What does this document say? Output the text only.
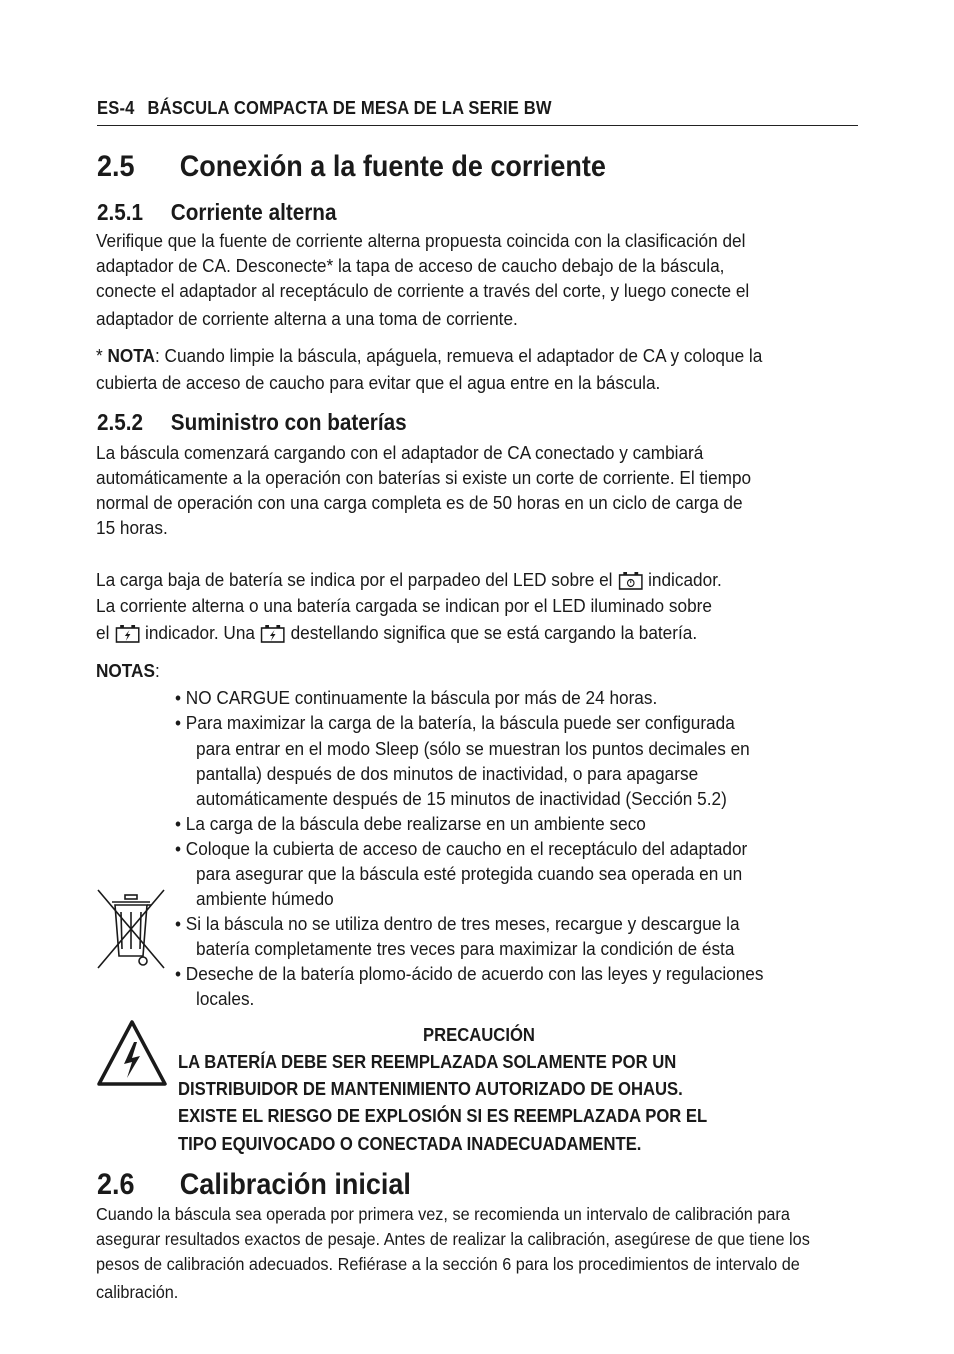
ES-4 BÁSCULA COMPACTA DE MESA DE LA SERIE BW
2.5 Conexión a la fuente de corriente
2.5.1 Corriente alterna
Verifique que la fuente de corriente alterna propuesta coincida con la clasificación del
adaptador de CA. Desconecte* la tapa de acceso de caucho debajo de la báscula,
conecte el adaptador al receptáculo de corriente a través del corte, y luego conecte el
adaptador de corriente alterna a una toma de corriente.
* NOTA: Cuando limpie la báscula, apáguela, remueva el adaptador de CA y coloque la
cubierta de acceso de caucho para evitar que el agua entre en la báscula.
2.5.2 Suministro con baterías
La báscula comenzará cargando con el adaptador de CA conectado y cambiará
automáticamente a la operación con baterías si existe un corte de corriente. El tiempo
normal de operación con una carga completa es de 50 horas en un ciclo de carga de
15 horas.
La carga baja de batería se indica por el parpadeo del LED sobre el  indicador.
La corriente alterna o una batería cargada se indican por el LED iluminado sobre
el  indicador. Una  destellando significa que se está cargando la batería.
NOTAS:
• NO CARGUE continuamente la báscula por más de 24 horas.
• Para maximizar la carga de la batería, la báscula puede ser configurada
para entrar en el modo Sleep (sólo se muestran los puntos decimales en
pantalla) después de dos minutos de inactividad, o para apagarse
automáticamente después de 15 minutos de inactividad (Sección 5.2)
• La carga de la báscula debe realizarse en un ambiente seco
• Coloque la cubierta de acceso de caucho en el receptáculo del adaptador
para asegurar que la báscula esté protegida cuando sea operada en un
ambiente húmedo
• Si la báscula no se utiliza dentro de tres meses, recargue y descargue la
batería completamente tres veces para maximizar la condición de ésta
• Deseche de la batería plomo-ácido de acuerdo con las leyes y regulaciones
locales.
PRECAUCIÓN
LA BATERÍA DEBE SER REEMPLAZADA SOLAMENTE POR UN
DISTRIBUIDOR DE MANTENIMIENTO AUTORIZADO DE OHAUS.
EXISTE EL RIESGO DE EXPLOSIÓN SI ES REEMPLAZADA POR EL
TIPO EQUIVOCADO O CONECTADA INADECUADAMENTE.
2.6 Calibración inicial
Cuando la báscula sea operada por primera vez, se recomienda un intervalo de calibración para
asegurar resultados exactos de pesaje. Antes de realizar la calibración, asegúrese de que tiene los
pesos de calibración adecuados. Refiérase a la sección 6 para los procedimientos de intervalo de
calibración.
